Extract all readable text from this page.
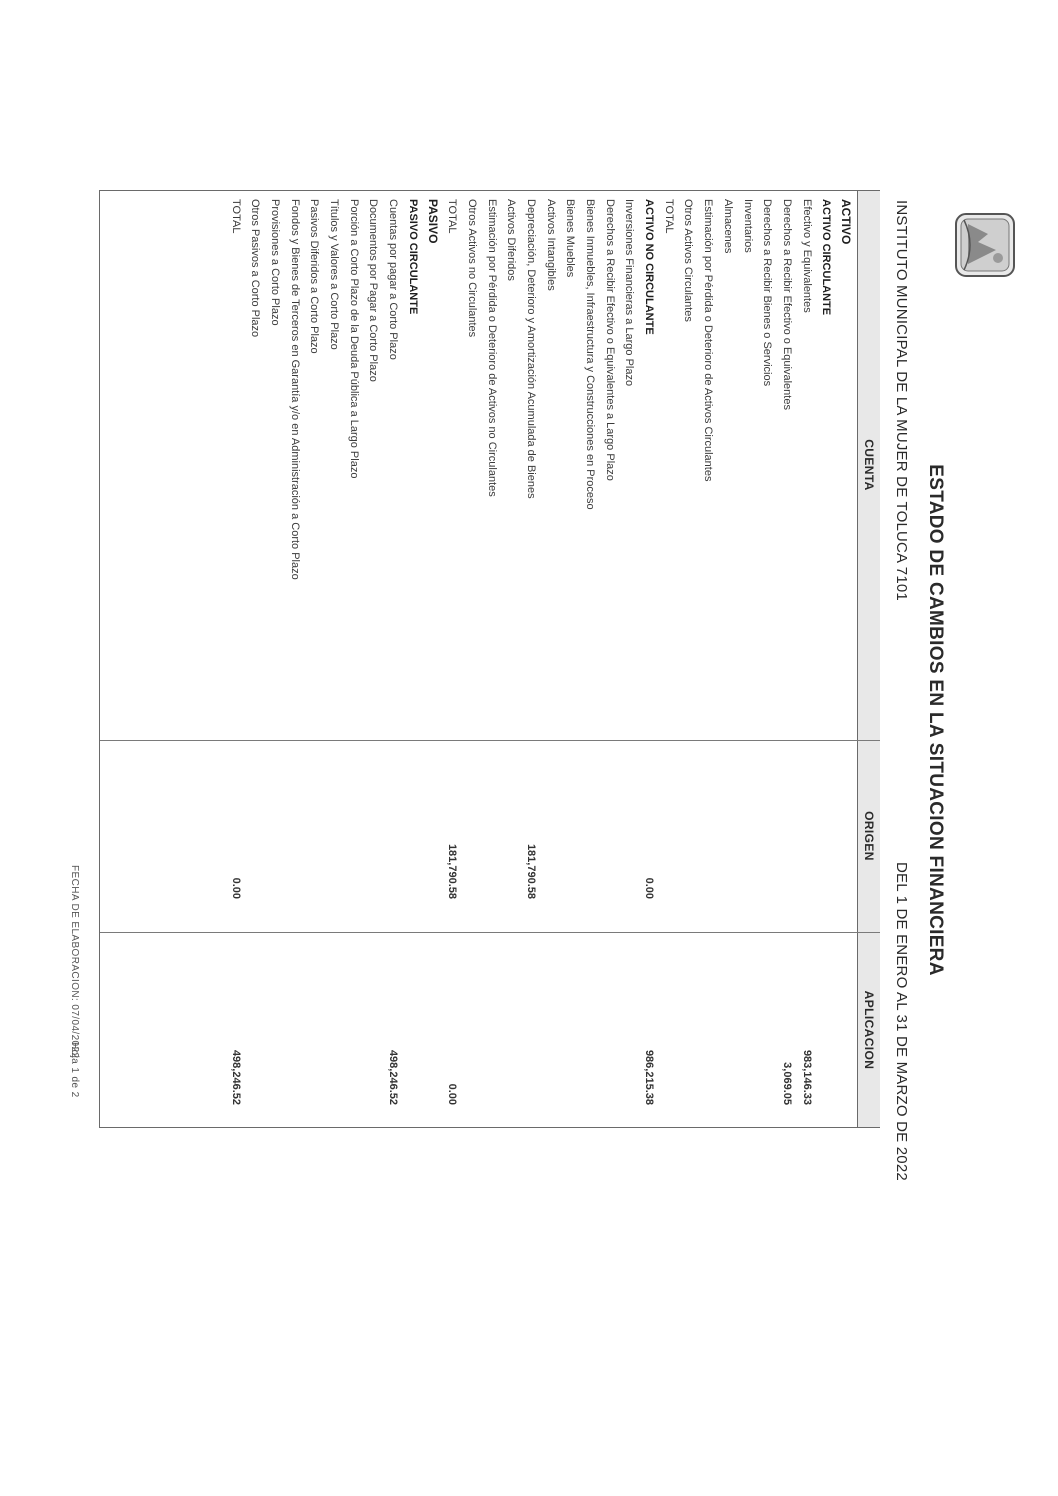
ESTADO DE CAMBIOS EN LA SITUACION FINANCIERA
INSTITUTO MUNICIPAL DE LA MUJER DE TOLUCA 7101
DEL 1 DE ENERO AL 31 DE MARZO DE 2022
CUENTA
ORIGEN
APLICACION
ACTIVO
ACTIVO CIRCULANTE
Efectivo y Equivalentes
983,146.33
Derechos a Recibir Efectivo o Equivalentes
3,069.05
Derechos a Recibir Bienes o Servicios
Inventarios
Almacenes
Estimación por Pérdida o Deterioro de Activos Circulantes
Otros Activos Circulantes
TOTAL
ACTIVO NO CIRCULANTE
0.00
986,215.38
Inversiones Financieras a Largo Plazo
Derechos a Recibir Efectivo o Equivalentes a Largo Plazo
Bienes Inmuebles, Infraestructura y Construcciones en Proceso
Bienes Muebles
Activos Intangibles
Depreciación, Deterioro y Amortización Acumulada de Bienes
181,790.58
Activos Diferidos
Estimación por Pérdida o Deterioro de Activos no Circulantes
Otros Activos no Circulantes
TOTAL
181,790.58
0.00
PASIVO
PASIVO CIRCULANTE
Cuentas por pagar a Corto Plazo
498,246.52
Documentos por Pagar a Corto Plazo
Porción a Corto Plazo de la Deuda Pública a Largo Plazo
Títulos y Valores a Corto Plazo
Pasivos Diferidos a Corto Plazo
Fondos y Bienes de Terceros en Garantía y/o en Administración a Corto Plazo
Provisiones a Corto Plazo
Otros Pasivos a Corto Plazo
TOTAL
0.00
498,246.52
FECHA DE ELABORACION: 07/04/2022
Hoja 1 de 2
